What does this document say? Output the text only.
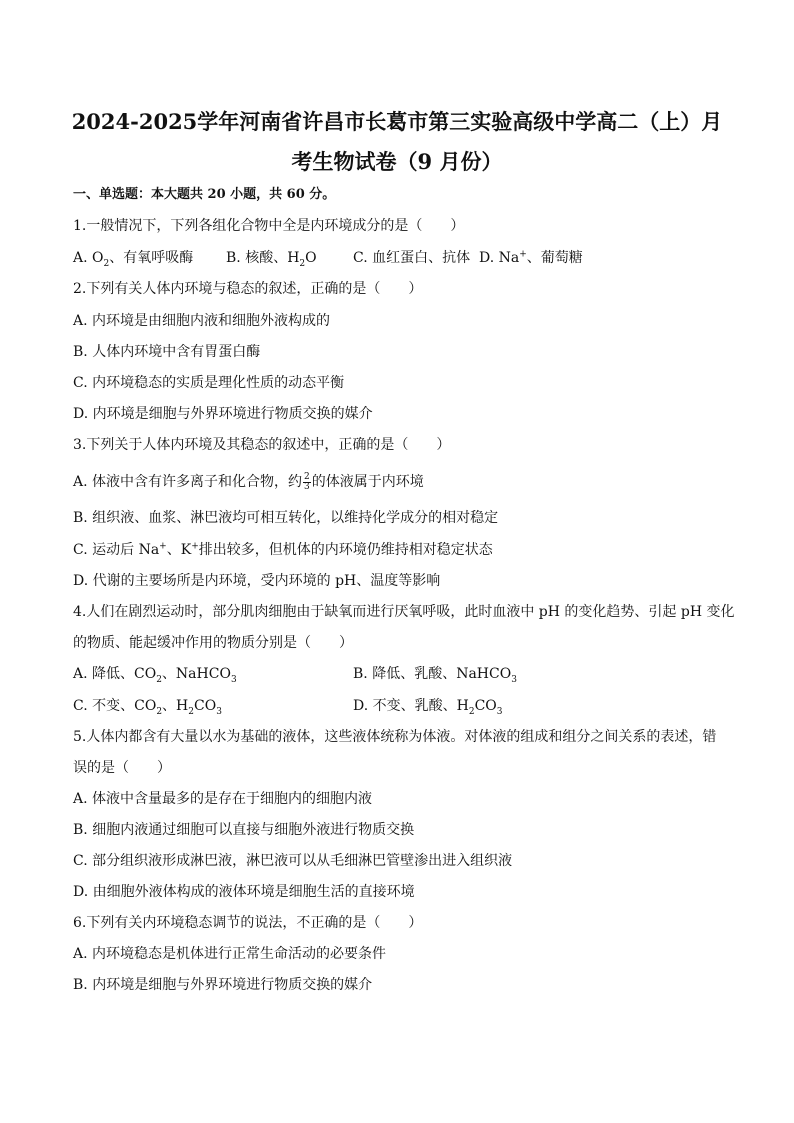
2024-2025学年河南省许昌市长葛市第三实验高级中学高二（上）月
考生物试卷（9 月份）
一、单选题：本大题共 20 小题，共 60 分。
1.一般情况下，下列各组化合物中全是内环境成分的是（　　）
A. $O_2$、有氧呼吸酶 B. 核酸、$H_2O$	C. 血红蛋白、抗体 D. Na+、葡萄糖
2.下列有关人体内环境与稳态的叙述，正确的是（　　）
A. 内环境是由细胞内液和细胞外液构成的
B. 人体内环境中含有胃蛋白酶
C. 内环境稳态的实质是理化性质的动态平衡
D. 内环境是细胞与外界环境进行物质交换的媒介
3.下列关于人体内环境及其稳态的叙述中，正确的是（　　）
A. 体液中含有许多离子和化合物，约 $\frac{2}{3}$ 的体液属于内环境
B. 组织液、血浆、淋巴液均可相互转化，以维持化学成分的相对稳定
C. 运动后 Na+、K+排出较多，但机体的内环境仍维持相对稳定状态
D. 代谢的主要场所是内环境，受内环境的 pH、温度等影响
4.人们在剧烈运动时，部分肌肉细胞由于缺氧而进行厌氧呼吸，此时血液中 pH 的变化趋势、引起 pH 变化
的物质、能起缓冲作用的物质分别是（　　）
A. 降低、$CO_2$、NaHCO$_3$	B. 降低、乳酸、NaHCO$_3$
C. 不变、$CO_2$、$H_2CO_3$	D. 不变、乳酸、$H_2CO_3$
5.人体内都含有大量以水为基础的液体，这些液体统称为体液。对体液的组成和组分之间关系的表述，错
误的是（　　）
A. 体液中含量最多的是存在于细胞内的细胞内液
B. 细胞内液通过细胞可以直接与细胞外液进行物质交换
C. 部分组织液形成淋巴液，淋巴液可以从毛细淋巴管壁渗出进入组织液
D. 由细胞外液体构成的液体环境是细胞生活的直接环境
6.下列有关内环境稳态调节的说法，不正确的是（　　）
A. 内环境稳态是机体进行正常生命活动的必要条件
B. 内环境是细胞与外界环境进行物质交换的媒介
